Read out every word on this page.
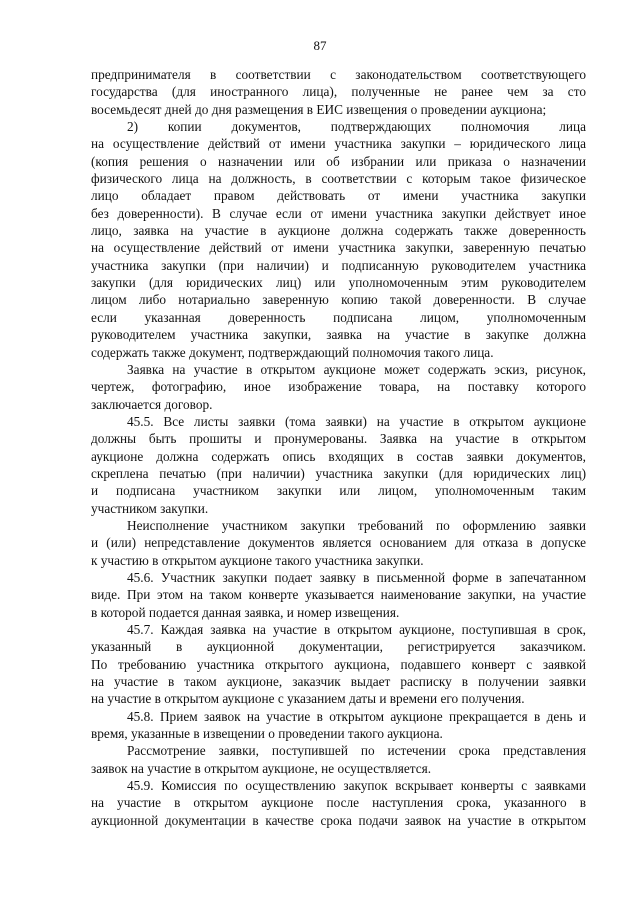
87
предпринимателя в соответствии с законодательством соответствующего
государства (для иностранного лица), полученные не ранее чем за сто
восемьдесят дней до дня размещения в ЕИС извещения о проведении аукциона;
2) копии документов, подтверждающих полномочия лица
на осуществление действий от имени участника закупки – юридического лица
(копия решения о назначении или об избрании или приказа о назначении
физического лица на должность, в соответствии с которым такое физическое
лицо обладает правом действовать от имени участника закупки
без доверенности). В случае если от имени участника закупки действует иное
лицо, заявка на участие в аукционе должна содержать также доверенность
на осуществление действий от имени участника закупки, заверенную печатью
участника закупки (при наличии) и подписанную руководителем участника
закупки (для юридических лиц) или уполномоченным этим руководителем
лицом либо нотариально заверенную копию такой доверенности. В случае
если указанная доверенность подписана лицом, уполномоченным
руководителем участника закупки, заявка на участие в закупке должна
содержать также документ, подтверждающий полномочия такого лица.
Заявка на участие в открытом аукционе может содержать эскиз, рисунок,
чертеж, фотографию, иное изображение товара, на поставку которого
заключается договор.
45.5. Все листы заявки (тома заявки) на участие в открытом аукционе
должны быть прошиты и пронумерованы. Заявка на участие в открытом
аукционе должна содержать опись входящих в состав заявки документов,
скреплена печатью (при наличии) участника закупки (для юридических лиц)
и подписана участником закупки или лицом, уполномоченным таким
участником закупки.
Неисполнение участником закупки требований по оформлению заявки
и (или) непредставление документов является основанием для отказа в допуске
к участию в открытом аукционе такого участника закупки.
45.6. Участник закупки подает заявку в письменной форме в запечатанном
виде. При этом на таком конверте указывается наименование закупки, на участие
в которой подается данная заявка, и номер извещения.
45.7. Каждая заявка на участие в открытом аукционе, поступившая в срок,
указанный в аукционной документации, регистрируется заказчиком.
По требованию участника открытого аукциона, подавшего конверт с заявкой
на участие в таком аукционе, заказчик выдает расписку в получении заявки
на участие в открытом аукционе с указанием даты и времени его получения.
45.8. Прием заявок на участие в открытом аукционе прекращается в день и
время, указанные в извещении о проведении такого аукциона.
Рассмотрение заявки, поступившей по истечении срока представления
заявок на участие в открытом аукционе, не осуществляется.
45.9. Комиссия по осуществлению закупок вскрывает конверты с заявками
на участие в открытом аукционе после наступления срока, указанного в
аукционной документации в качестве срока подачи заявок на участие в открытом
